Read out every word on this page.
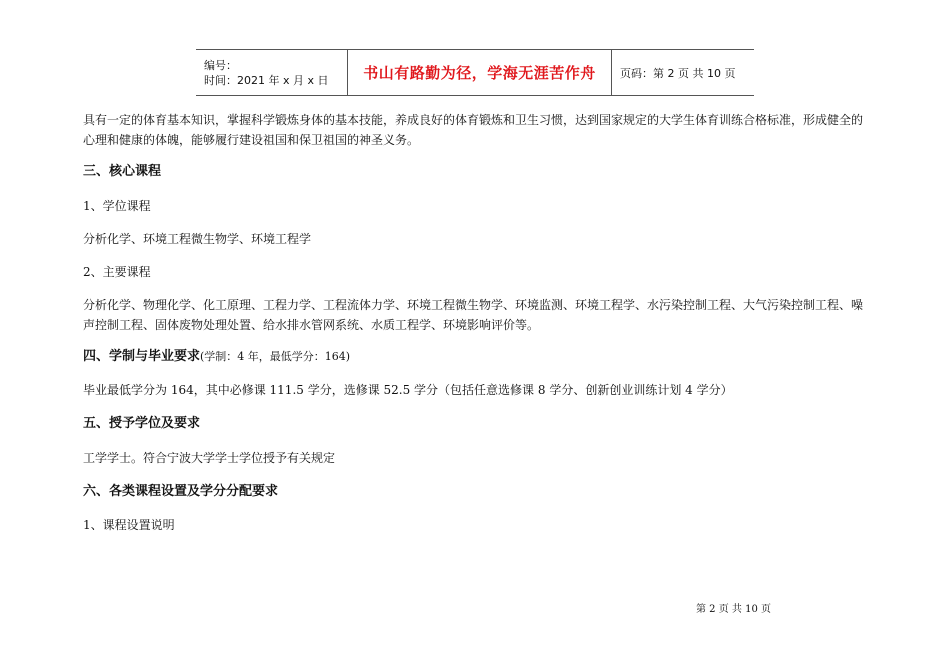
编号：
时间：2021 年 x 月 x 日	书山有路勤为径，学海无涯苦作舟	页码：第 2 页 共 10 页

具有一定的体育基本知识，掌握科学锻炼身体的基本技能，养成良好的体育锻炼和卫生习惯，达到国家规定的大学生体育训练合格标准，形成健全的心理和健康的体魄，能够履行建设祖国和保卫祖国的神圣义务。

三、核心课程

1、学位课程

分析化学、环境工程微生物学、环境工程学

2、主要课程

分析化学、物理化学、化工原理、工程力学、工程流体力学、环境工程微生物学、环境监测、环境工程学、水污染控制工程、大气污染控制工程、噪声控制工程、固体废物处理处置、给水排水管网系统、水质工程学、环境影响评价等。

四、学制与毕业要求(学制：4 年，最低学分：164)

毕业最低学分为 164，其中必修课 111.5 学分，选修课 52.5 学分（包括任意选修课 8 学分、创新创业训练计划 4 学分）

五、授予学位及要求

工学学士。符合宁波大学学士学位授予有关规定

六、各类课程设置及学分分配要求

1、课程设置说明

第 2 页 共 10 页
